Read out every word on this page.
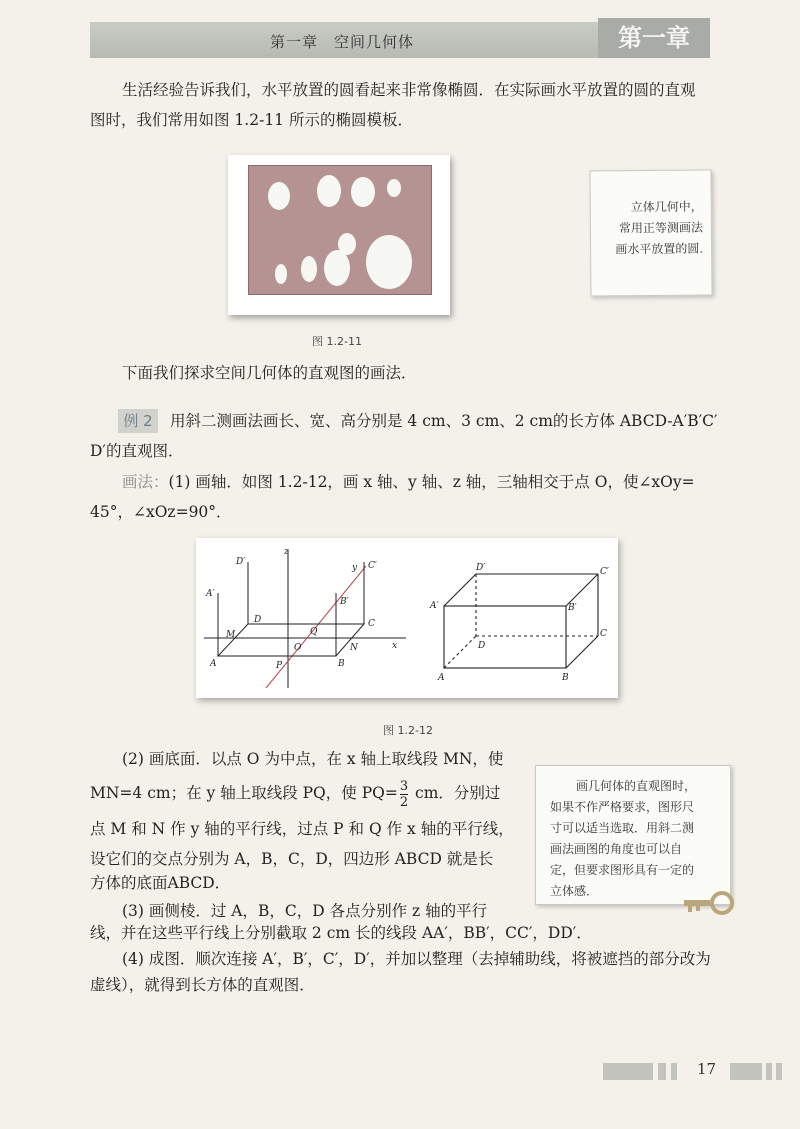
第一章　空间几何体	第一章
生活经验告诉我们，水平放置的圆看起来非常像椭圆．在实际画水平放置的圆的直观
图时，我们常用如图 1.2-11 所示的椭圆模板．
图 1.2-11
立体几何中，
常用正等测画法
画水平放置的圆.
下面我们探求空间几何体的直观图的画法．
例 2	用斜二测画法画长、宽、高分别是 4 cm、3 cm、2 cm的长方体 ABCD-A′B′C′
D′的直观图．
画法：(1) 画轴．如图 1.2-12，画 x 轴、y 轴、z 轴，三轴相交于点 O，使∠xOy=
45°，∠xOz=90°．
D′
A′
D
M
A	P
O
Q
B′
C′
C
N
B
x
y
z
D′	C′
A′	B′
D
C
A	B
图 1.2-12
(2) 画底面．以点 O 为中点，在 x 轴上取线段 MN，使
MN=4 cm；在 y 轴上取线段 PQ，使 $PQ= \frac{3}{2}$ cm．分别过
点 M 和 N 作 y 轴的平行线，过点 P 和 Q 作 x 轴的平行线，
设它们的交点分别为 A，B，C，D，四边形 ABCD 就是长
方体的底面ABCD．
画几何体的直观图时，
如果不作严格要求，图形尺
寸可以适当选取．用斜二测
画法画图的角度也可以自
定，但要求图形具有一定的
立体感．
(3) 画侧棱．过 A，B，C，D 各点分别作 z 轴的平行
线，并在这些平行线上分别截取 2 cm 长的线段 AA′，BB′，CC′，DD′．
(4) 成图．顺次连接 A′，B′，C′，D′，并加以整理（去掉辅助线，将被遮挡的部分改为
虚线），就得到长方体的直观图．
17
